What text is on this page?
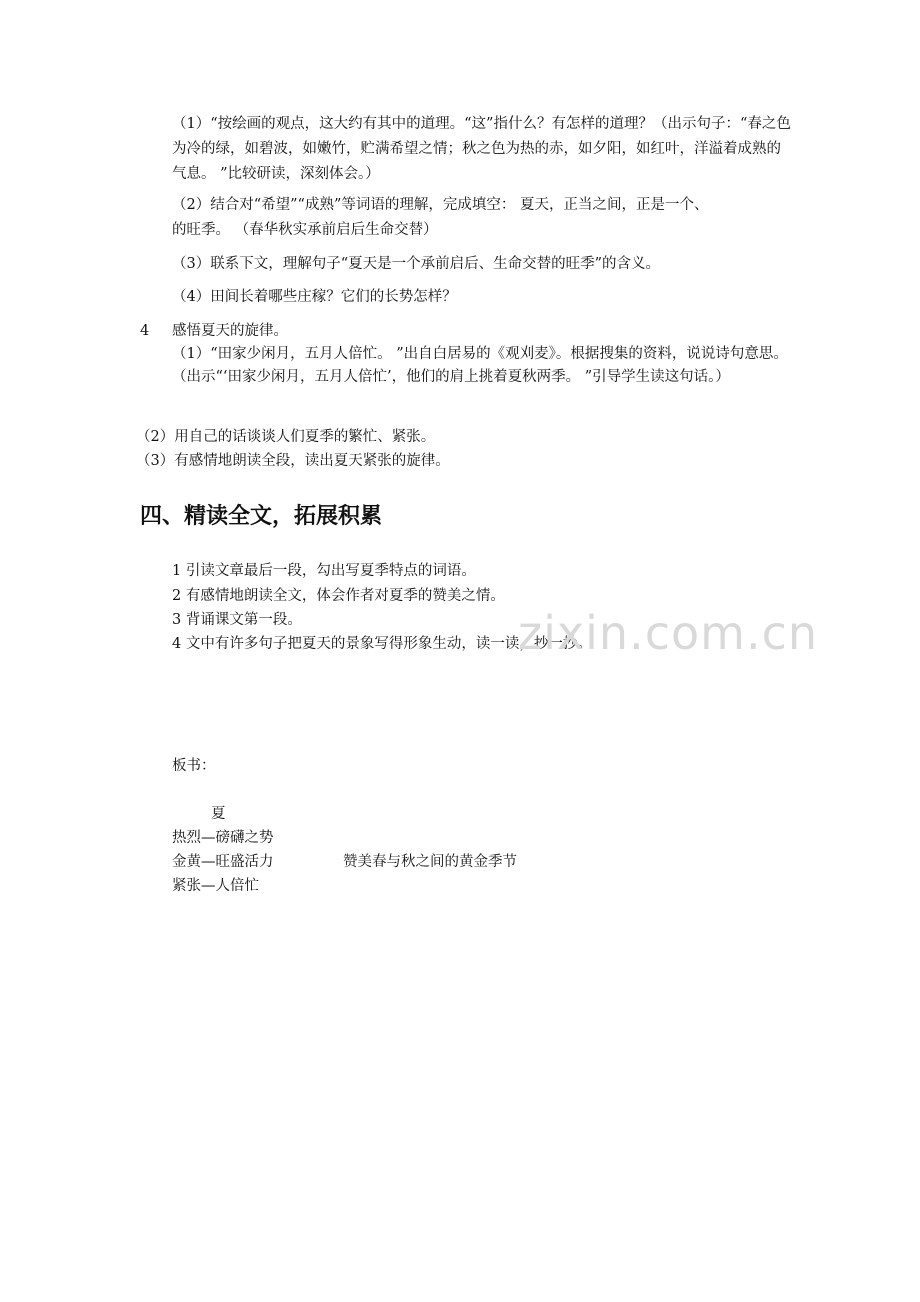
（1）“按绘画的观点，这大约有其中的道理。“这”指什么？有怎样的道理？（出示句子：“春之色为冷的绿，如碧波，如嫩竹，贮满希望之情；秋之色为热的赤，如夕阳，如红叶，洋溢着成熟的气息。 ”比较研读，深刻体会。）
（2）结合对“希望”“成熟”等词语的理解，完成填空： 夏天，正当之间，正是一个、
的旺季。 （春华秋实承前启后生命交替）
（3）联系下文，理解句子“夏天是一个承前启后、生命交替的旺季”的含义。
（4）田间长着哪些庄稼？它们的长势怎样？
4 感悟夏天的旋律。
（1）“田家少闲月，五月人倍忙。 ”出自白居易的《观刈麦》。根据搜集的资料，说说诗句意思。 （出示“‘田家少闲月，五月人倍忙’，他们的肩上挑着夏秋两季。 ”引导学生读这句话。）
（2）用自己的话谈谈人们夏季的繁忙、紧张。
（3）有感情地朗读全段，读出夏天紧张的旋律。
四、精读全文，拓展积累
1 引读文章最后一段，勾出写夏季特点的词语。
2 有感情地朗读全文，体会作者对夏季的赞美之情。
3 背诵课文第一段。
4 文中有许多句子把夏天的景象写得形象生动，读一读，抄一抄。
zixin.com.cn
板书：
夏
热烈—磅礴之势
金黄—旺盛活力	赞美春与秋之间的黄金季节
紧张—人倍忙
